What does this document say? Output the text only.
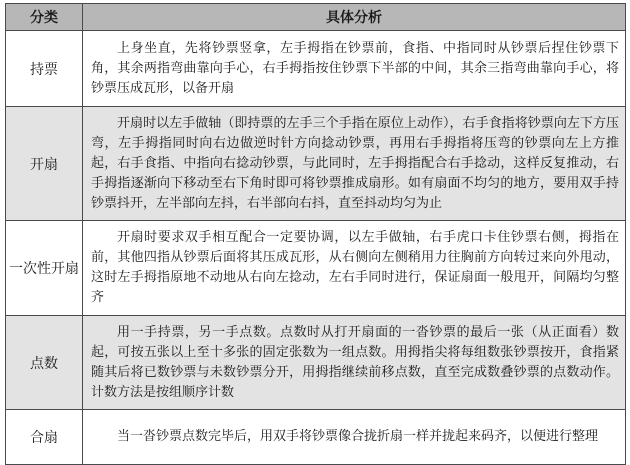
分类	具体分析
持票	上身坐直，先将钞票竖拿，左手拇指在钞票前，食指、中指同时从钞票后捏住钞票下角，其余两指弯曲靠向手心，右手拇指按住钞票下半部的中间，其余三指弯曲靠向手心，将钞票压成瓦形，以备开扇
开扇	开扇时以左手做轴（即持票的左手三个手指在原位上动作），右手食指将钞票向左下方压弯，左手拇指同时向右边做逆时针方向捻动钞票，再用右手拇指将压弯的钞票向左上方推起，右手食指、中指向右捻动钞票，与此同时，左手拇指配合右手捻动，这样反复推动，右手拇指逐渐向下移动至右下角时即可将钞票推成扇形。如有扇面不均匀的地方，要用双手持钞票抖开，左半部向左抖，右半部向右抖，直至抖动均匀为止
一次性开扇	开扇时要求双手相互配合一定要协调，以左手做轴，右手虎口卡住钞票右侧，拇指在前，其他四指从钞票后面将其压成瓦形，从右侧向左侧稍用力往胸前方向转过来向外甩动，这时左手拇指原地不动地从右向左捻动，左右手同时进行，保证扇面一般甩开，间隔均匀整齐
点数	用一手持票，另一手点数。点数时从打开扇面的一沓钞票的最后一张（从正面看）数起，可按五张以上至十多张的固定张数为一组点数。用拇指尖将每组数张钞票按开，食指紧随其后将已数钞票与未数钞票分开，用拇指继续前移点数，直至完成数叠钞票的点数动作。计数方法是按组顺序计数
合扇	当一沓钞票点数完毕后，用双手将钞票像合拢折扇一样并拢起来码齐，以便进行整理
